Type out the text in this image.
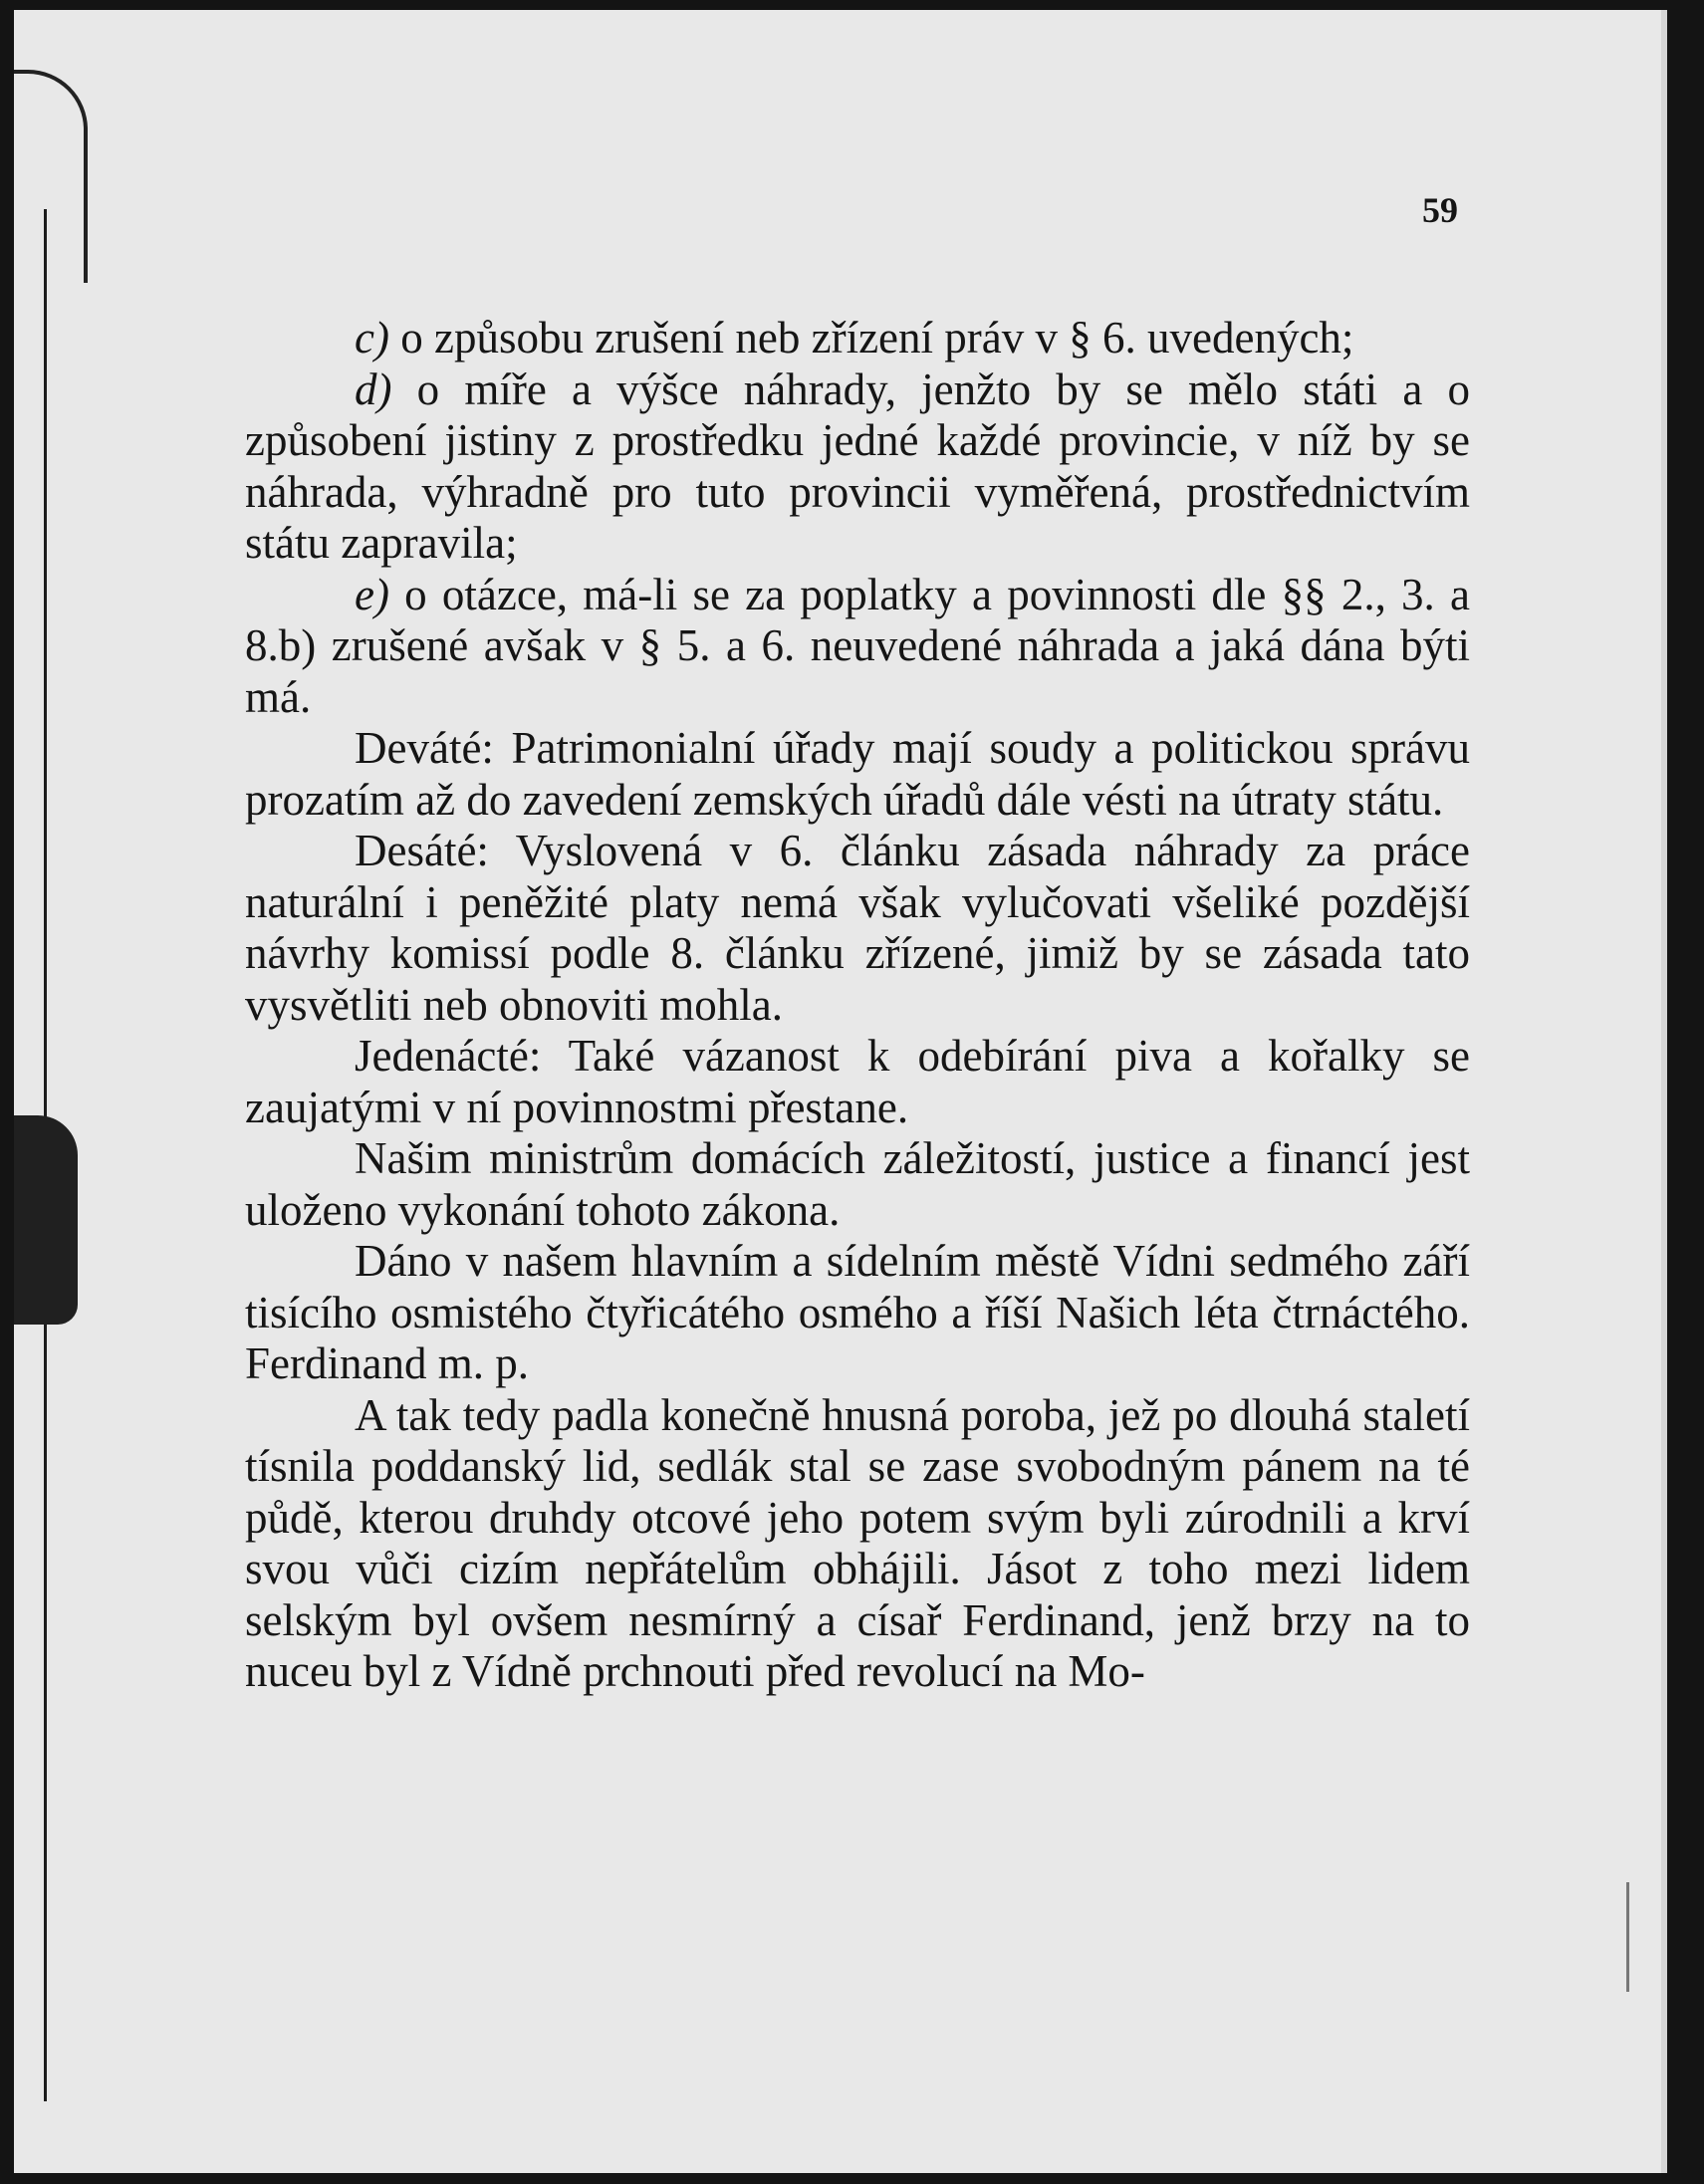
59

c) o způsobu zrušení neb zřízení práv v § 6. uvedených;

d) o míře a výšce náhrady, jenžto by se mělo státi a o způsobení jistiny z prostředku jedné každé provincie, v níž by se náhrada, výhradně pro tuto provincii vyměřená, prostřednictvím státu zapravila;

e) o otázce, má-li se za poplatky a povinnosti dle §§ 2., 3. a 8.b) zrušené avšak v § 5. a 6. neuvedené náhrada a jaká dána býti má.

Deváté: Patrimonialní úřady mají soudy a politickou správu prozatím až do zavedení zemských úřadů dále vésti na útraty státu.

Desáté: Vyslovená v 6. článku zásada náhrady za práce naturální i peněžité platy nemá však vylučovati všeliké pozdější návrhy komissí podle 8. článku zřízené, jimiž by se zásada tato vysvětliti neb obnoviti mohla.

Jedenácté: Také vázanost k odebírání piva a kořalky se zaujatými v ní povinnostmi přestane.

Našim ministrům domácích záležitostí, justice a financí jest uloženo vykonání tohoto zákona.

Dáno v našem hlavním a sídelním městě Vídni sedmého září tisícího osmistého čtyřicátého osmého a říší Našich léta čtrnáctého. Ferdinand m. p.

A tak tedy padla konečně hnusná poroba, jež po dlouhá staletí tísnila poddanský lid, sedlák stal se zase svobodným pánem na té půdě, kterou druhdy otcové jeho potem svým byli zúrodnili a krví svou vůči cizím nepřátelům obhájili. Jásot z toho mezi lidem selským byl ovšem nesmírný a císař Ferdinand, jenž brzy na to nuceu byl z Vídně prchnouti před revolucí na Mo-
